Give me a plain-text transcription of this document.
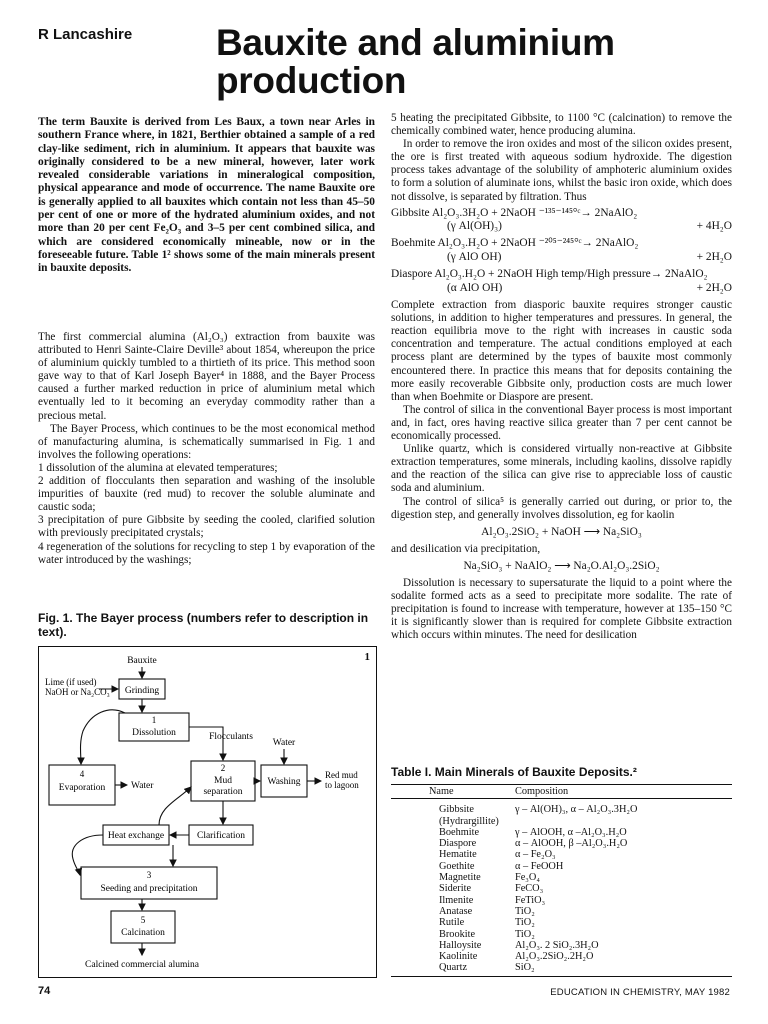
R Lancashire Bauxite and aluminium production
The term Bauxite is derived from Les Baux, a town near Arles in southern France where, in 1821, Berthier obtained a sample of a red clay-like sediment, rich in aluminium. It appears that bauxite was originally considered to be a new mineral, however, later work revealed considerable variations in mineralogical composition, physical appearance and mode of occurrence. The name Bauxite ore is generally applied to all bauxites which contain not less than 45–50 per cent of one or more of the hydrated aluminium oxides, and not more than 20 per cent Fe₂O₃ and 3–5 per cent combined silica, and which are considered economically mineable, now or in the foreseeable future. Table 1² shows some of the main minerals present in bauxite deposits.

The first commercial alumina (Al₂O₃) extraction from bauxite was attributed to Henri Sainte-Claire Deville³ about 1854, whereupon the price of aluminium quickly tumbled to a thirtieth of its price. This method soon gave way to that of Karl Joseph Bayer⁴ in 1888, and the Bayer Process caused a further marked reduction in price of aluminium metal which eventually led to it becoming an everyday commodity rather than a precious metal.

The Bayer Process, which continues to be the most economical method of manufacturing alumina, is schematically summarised in Fig. 1 and involves the following operations:

1 dissolution of the alumina at elevated temperatures;

2 addition of flocculants then separation and washing of the insoluble impurities of bauxite (red mud) to recover the soluble aluminate and caustic soda;

3 precipitation of pure Gibbsite by seeding the cooled, clarified solution with previously precipitated crystals;

4 regeneration of the solutions for recycling to step 1 by evaporation of the water introduced by the washings;

Fig. 1. The Bayer process (numbers refer to description in text).
1
Bauxite
Lime (if used)
NaOH or Na₂CO₃ Grinding
1
Dissolution	Flocculants
Water
4
Evaporation	Water
2
Mud
separation
Washing
Red mud
to lagoon
Heat exchange	Clarification
3
Seeding and precipitation
5
Calcination
Calcined commercial alumina

5 heating the precipitated Gibbsite, to 1100 °C (calcination) to remove the chemically combined water, hence producing alumina.

In order to remove the iron oxides and most of the silicon oxides present, the ore is first treated with aqueous sodium hydroxide. The digestion process takes advantage of the solubility of amphoteric aluminium oxides to form a solution of aluminate ions, whilst the basic iron oxide, which does not dissolve, is separated by filtration. Thus

Gibbsite Al₂O₃.3H₂O + 2NaOH ⁻¹³⁵⁻¹⁴⁵°ᶜ→ 2NaAlO₂
(γ Al(OH)₃)	+ 4H₂O
Boehmite Al₂O₃.H₂O + 2NaOH ⁻²⁰⁵⁻²⁴⁵°ᶜ→ 2NaAlO₂
(γ AlO OH)	+ 2H₂O
Diaspore Al₂O₃.H₂O + 2NaOH High temp/High pressure→ 2NaAlO₂
(α AlO OH)	+ 2H₂O

Complete extraction from diasporic bauxite requires stronger caustic solutions, in addition to higher temperatures and pressures. In general, the reaction equilibria move to the right with increases in caustic soda concentration and temperature. The actual conditions employed at each process plant are determined by the types of bauxite most commonly encountered there. In practice this means that for deposits containing the more easily recoverable Gibbsite only, production costs are much lower than when Boehmite or Diaspore are present.

The control of silica in the conventional Bayer process is most important and, in fact, ores having reactive silica greater than 7 per cent cannot be economically processed.

Unlike quartz, which is considered virtually non-reactive at Gibbsite extraction temperatures, some minerals, including kaolins, dissolve rapidly and the reaction of the silica can give rise to appreciable loss of caustic soda and aluminium.

The control of silica⁵ is generally carried out during, or prior to, the digestion step, and generally involves dissolution, eg for kaolin

Al₂O₃.2SiO₂ + NaOH ⟶ Na₂SiO₃

and desilication via precipitation,

Na₂SiO₃ + NaAlO₂ ⟶ Na₂O.Al₂O₃.2SiO₂

Dissolution is necessary to supersaturate the liquid to a point where the sodalite formed acts as a seed to precipitate more sodalite. The rate of precipitation is found to increase with temperature, however at 135–150 °C it is significantly slower than is required for complete Gibbsite extraction which occurs within minutes. The need for desilication

Table I. Main Minerals of Bauxite Deposits.²
Name	Composition
Gibbsite	γ – Al(OH)₃, α – Al₂O₃.3H₂O
(Hydrargillite)
Boehmite	γ – AlOOH, α –Al₂O₃.H₂O
Diaspore	α – AlOOH, β –Al₂O₃.H₂O
Hematite	α – Fe₂O₃
Goethite	α – FeOOH
Magnetite	Fe₃O₄
Siderite	FeCO₃
Ilmenite	FeTiO₃
Anatase	TiO₂
Rutile	TiO₂
Brookite	TiO₂
Halloysite	Al₂O₃. 2 SiO₂.3H₂O
Kaolinite	Al₂O₃.2SiO₂.2H₂O
Quartz	SiO₂
74	EDUCATION IN CHEMISTRY, MAY 1982
